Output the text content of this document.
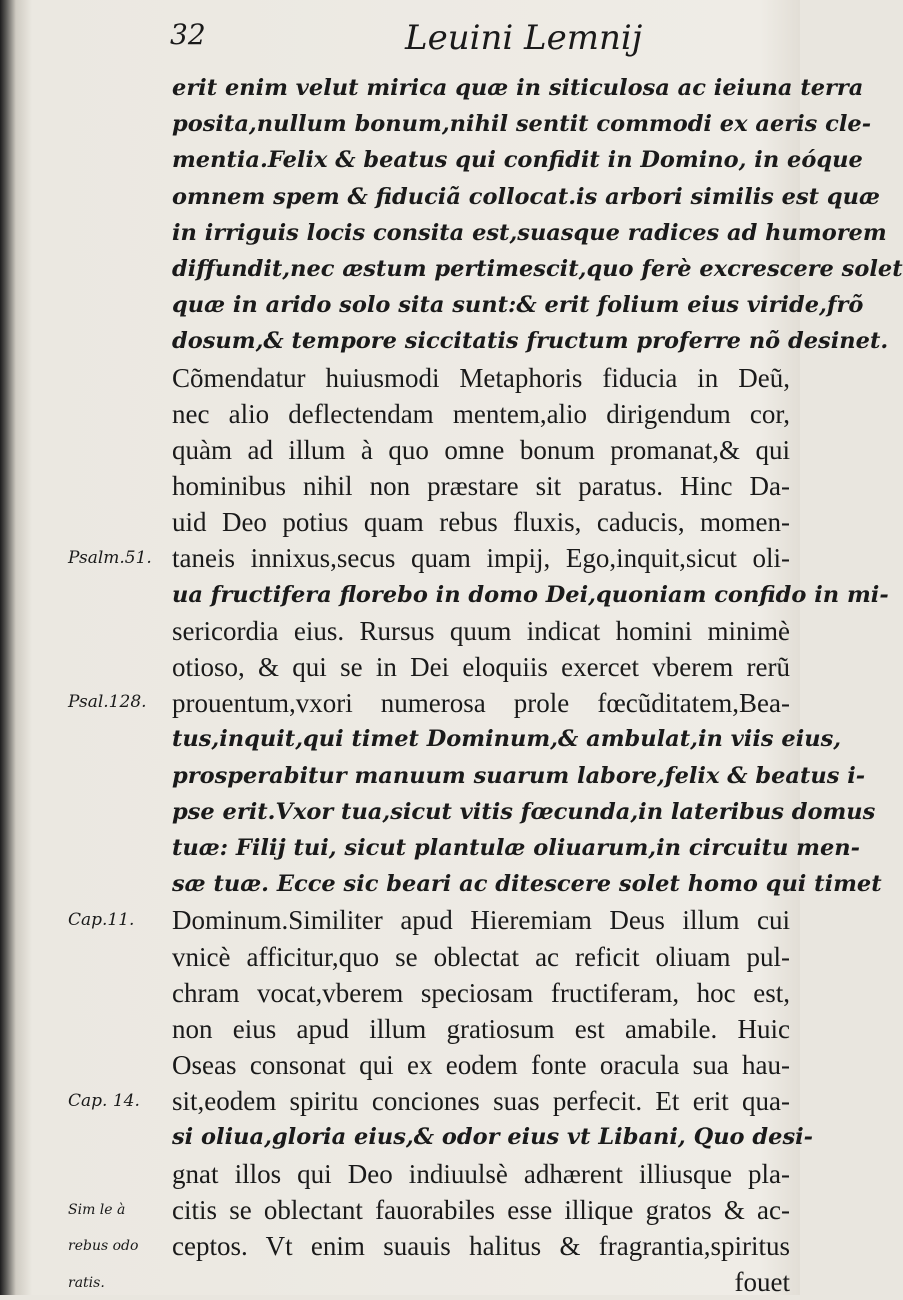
32	Leuini Lemnij
erit enim velut mirica quæ in siticulosa ac ieiuna terra
posita,nullum bonum,nihil sentit commodi ex aeris cle-
mentia.Felix & beatus qui confidit in Domino, in eóque
omnem spem & fiduciã collocat.is arbori similis est quæ
in irriguis locis consita est,suasque radices ad humorem
diffundit,nec æstum pertimescit,quo ferè excrescere solet
quæ in arido solo sita sunt:& erit folium eius viride,frõ
dosum,& tempore siccitatis fructum proferre nõ desinet.
Cõmendatur huiusmodi Metaphoris fiducia in Deũ,
nec alio deflectendam mentem,alio dirigendum cor,
quàm ad illum à quo omne bonum promanat,& qui
hominibus nihil non præstare sit paratus. Hinc Da-
uid Deo potius quam rebus fluxis, caducis, momen-
taneis innixus,secus quam impij, Ego,inquit,sicut oli-
ua fructifera florebo in domo Dei,quoniam confido in mi-
sericordia eius. Rursus quum indicat homini minimè
otioso, & qui se in Dei eloquiis exercet vberem rerũ
prouentum,vxori numerosa prole fœcũditatem,Bea-
tus,inquit,qui timet Dominum,& ambulat,in viis eius,
prosperabitur manuum suarum labore,felix & beatus i-
pse erit.Vxor tua,sicut vitis fœcunda,in lateribus domus
tuæ: Filij tui, sicut plantulæ oliuarum,in circuitu men-
sæ tuæ. Ecce sic beari ac ditescere solet homo qui timet
Dominum.Similiter apud Hieremiam Deus illum cui
vnicè afficitur,quo se oblectat ac reficit oliuam pul-
chram vocat,vberem speciosam fructiferam, hoc est,
non eius apud illum gratiosum est amabile. Huic
Oseas consonat qui ex eodem fonte oracula sua hau-
sit,eodem spiritu conciones suas perfecit. Et erit qua-
si oliua,gloria eius,& odor eius vt Libani, Quo desi-
gnat illos qui Deo indiuulsè adhærent illiusque pla-
citis se oblectant fauorabiles esse illique gratos & ac-
ceptos. Vt enim suauis halitus & fragrantia,spiritus
fouet
Psalm.51.
Psal.128.
Cap.11.
Cap. 14.
Sim le à
rebus odo
ratis.
